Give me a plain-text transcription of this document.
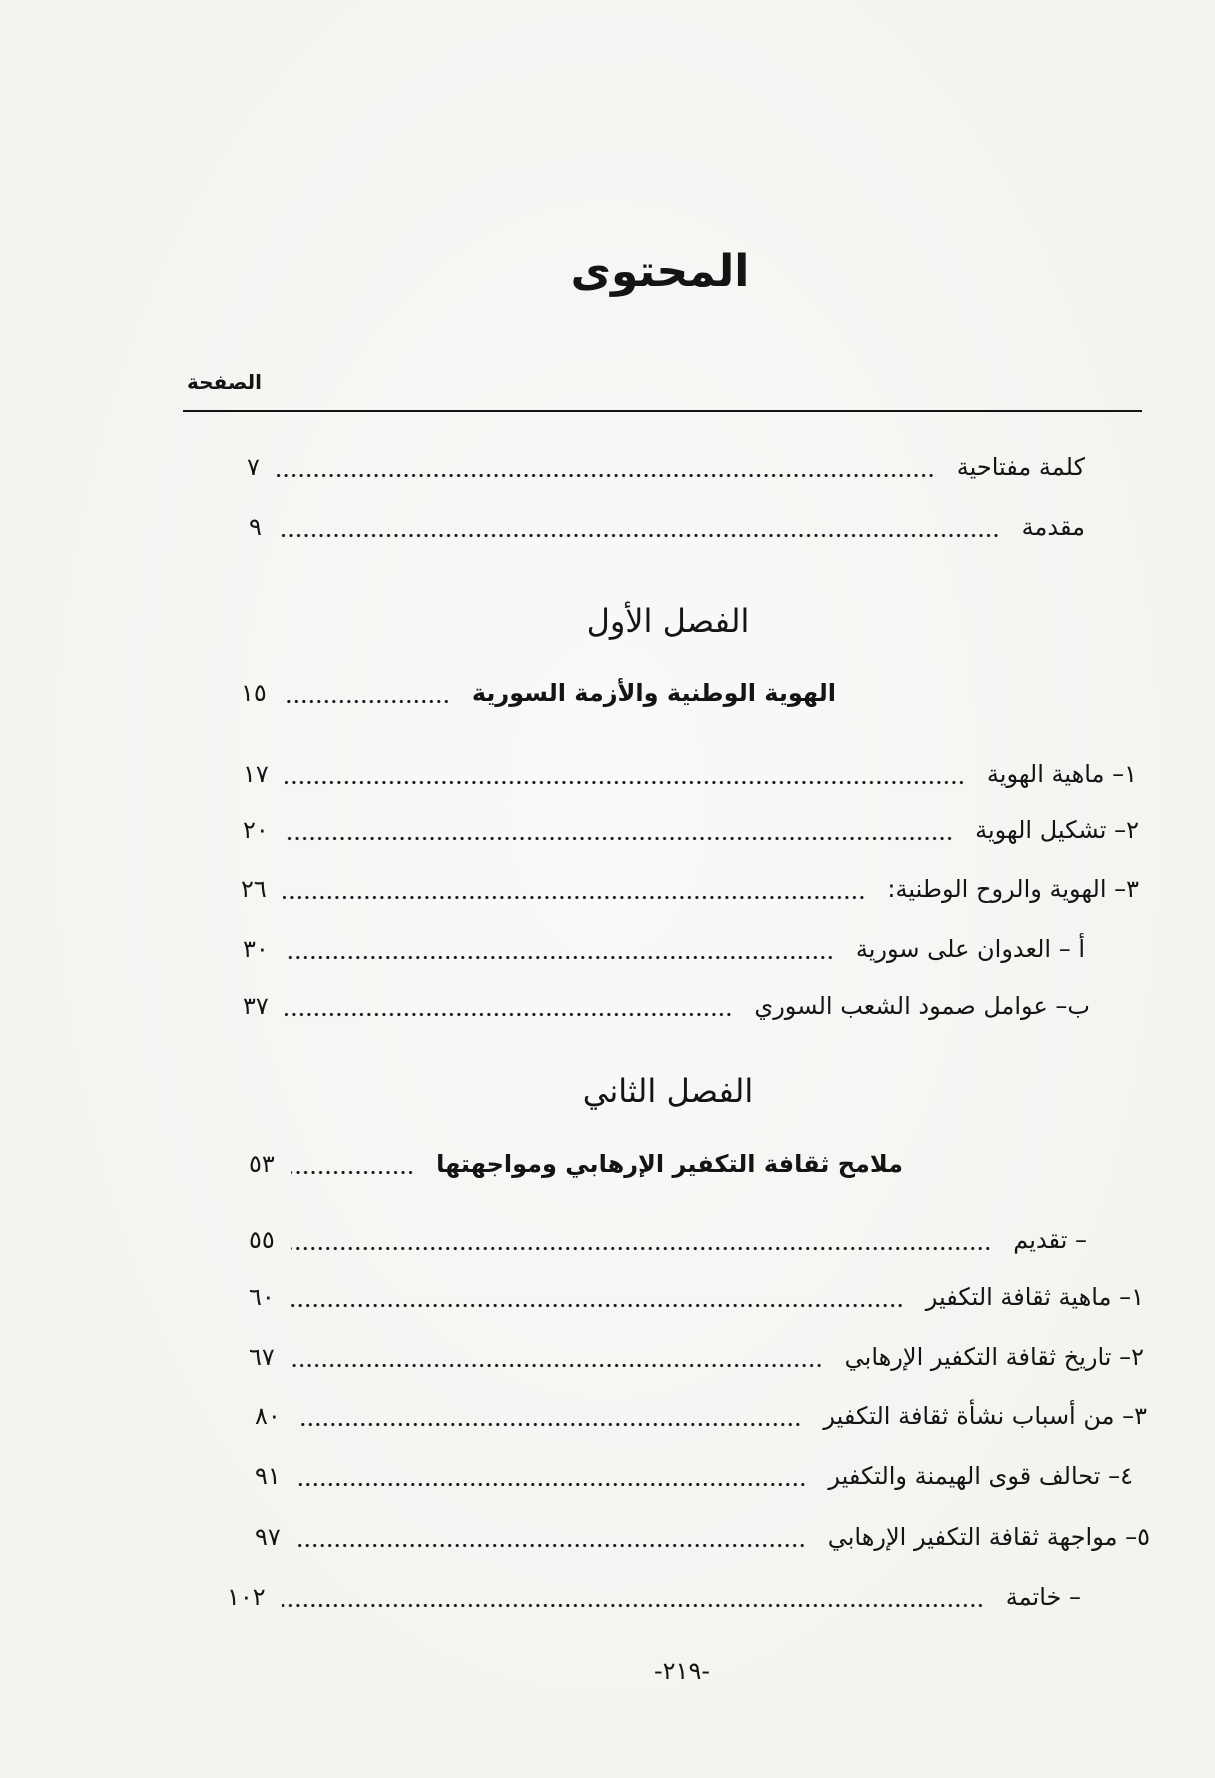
المحتوى
الصفحة
كلمة مفتاحية
٧
مقدمة
٩
الفصل الأول
الهوية الوطنية والأزمة السورية
١٥
١– ماهية الهوية
١٧
٢– تشكيل الهوية
٢٠
٣– الهوية والروح الوطنية:
٢٦
أ – العدوان على سورية
٣٠
ب– عوامل صمود الشعب السوري
٣٧
الفصل الثاني
ملامح ثقافة التكفير الإرهابي ومواجهتها
٥٣
– تقديم
٥٥
١– ماهية ثقافة التكفير
٦٠
٢– تاريخ ثقافة التكفير الإرهابي
٦٧
٣– من أسباب نشأة ثقافة التكفير
٨٠
٤– تحالف قوى الهيمنة والتكفير
٩١
٥– مواجهة ثقافة التكفير الإرهابي
٩٧
– خاتمة
١٠٢
-٢١٩-
